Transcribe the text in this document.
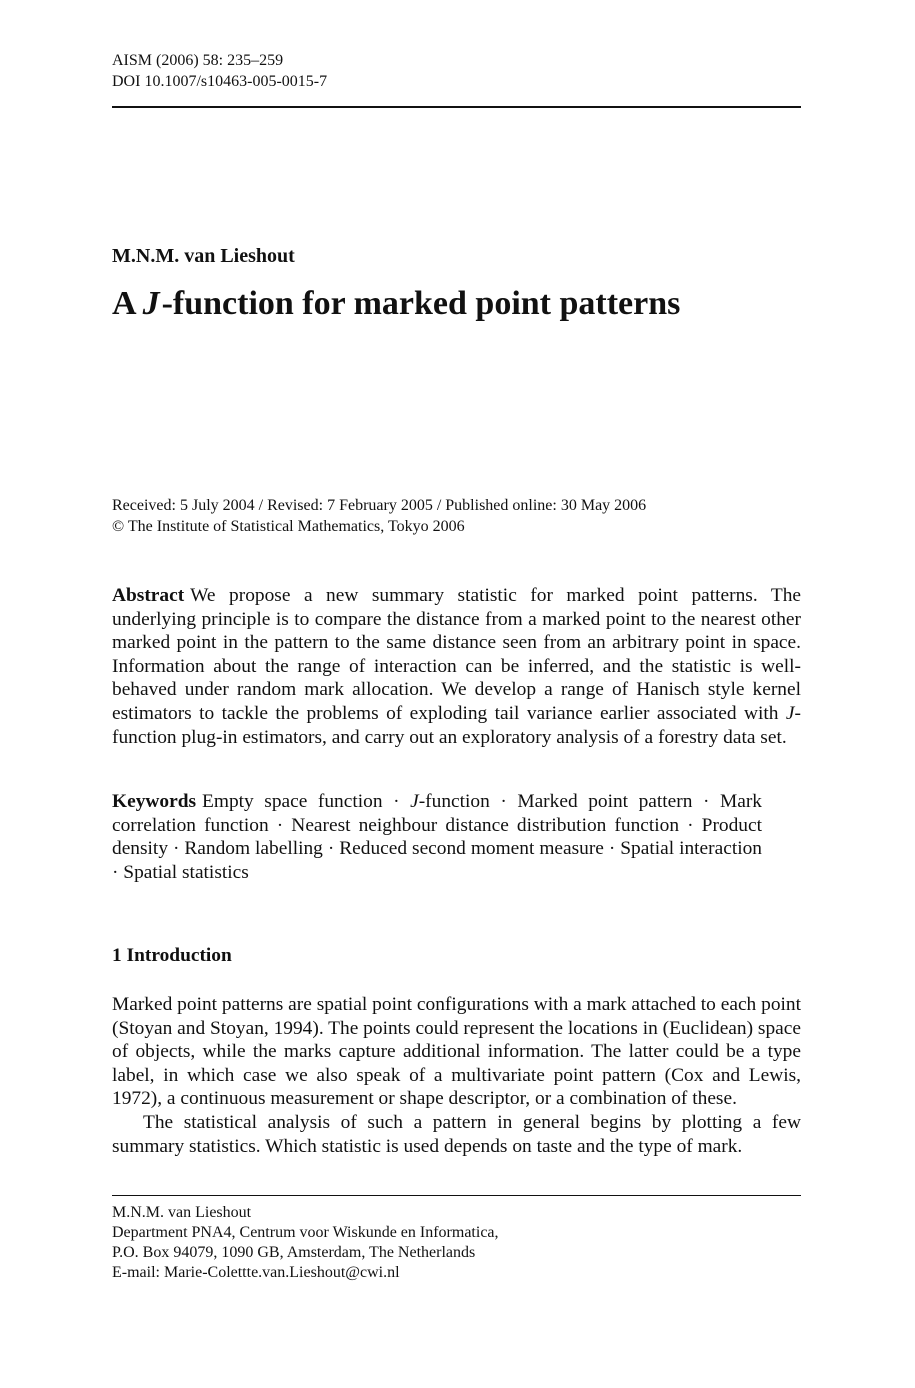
AISM (2006) 58: 235–259
DOI 10.1007/s10463-005-0015-7
M.N.M. van Lieshout
A J-function for marked point patterns
Received: 5 July 2004 / Revised: 7 February 2005 / Published online: 30 May 2006
© The Institute of Statistical Mathematics, Tokyo 2006
Abstract We propose a new summary statistic for marked point patterns. The underlying principle is to compare the distance from a marked point to the nearest other marked point in the pattern to the same distance seen from an arbitrary point in space. Information about the range of interaction can be inferred, and the statistic is well-behaved under random mark allocation. We develop a range of Hanisch style kernel estimators to tackle the problems of exploding tail variance earlier associated with J-function plug-in estimators, and carry out an exploratory analysis of a forestry data set.
Keywords Empty space function · J-function · Marked point pattern · Mark correlation function · Nearest neighbour distance distribution function · Product density · Random labelling · Reduced second moment measure · Spatial interaction · Spatial statistics
1 Introduction

Marked point patterns are spatial point configurations with a mark attached to each point (Stoyan and Stoyan, 1994). The points could represent the locations in (Euclidean) space of objects, while the marks capture additional information. The latter could be a type label, in which case we also speak of a multivariate point pattern (Cox and Lewis, 1972), a continuous measurement or shape descriptor, or a combination of these.

The statistical analysis of such a pattern in general begins by plotting a few summary statistics. Which statistic is used depends on taste and the type of mark.

M.N.M. van Lieshout
Department PNA4, Centrum voor Wiskunde en Informatica,
P.O. Box 94079, 1090 GB, Amsterdam, The Netherlands
E-mail: Marie-Colettte.van.Lieshout@cwi.nl
